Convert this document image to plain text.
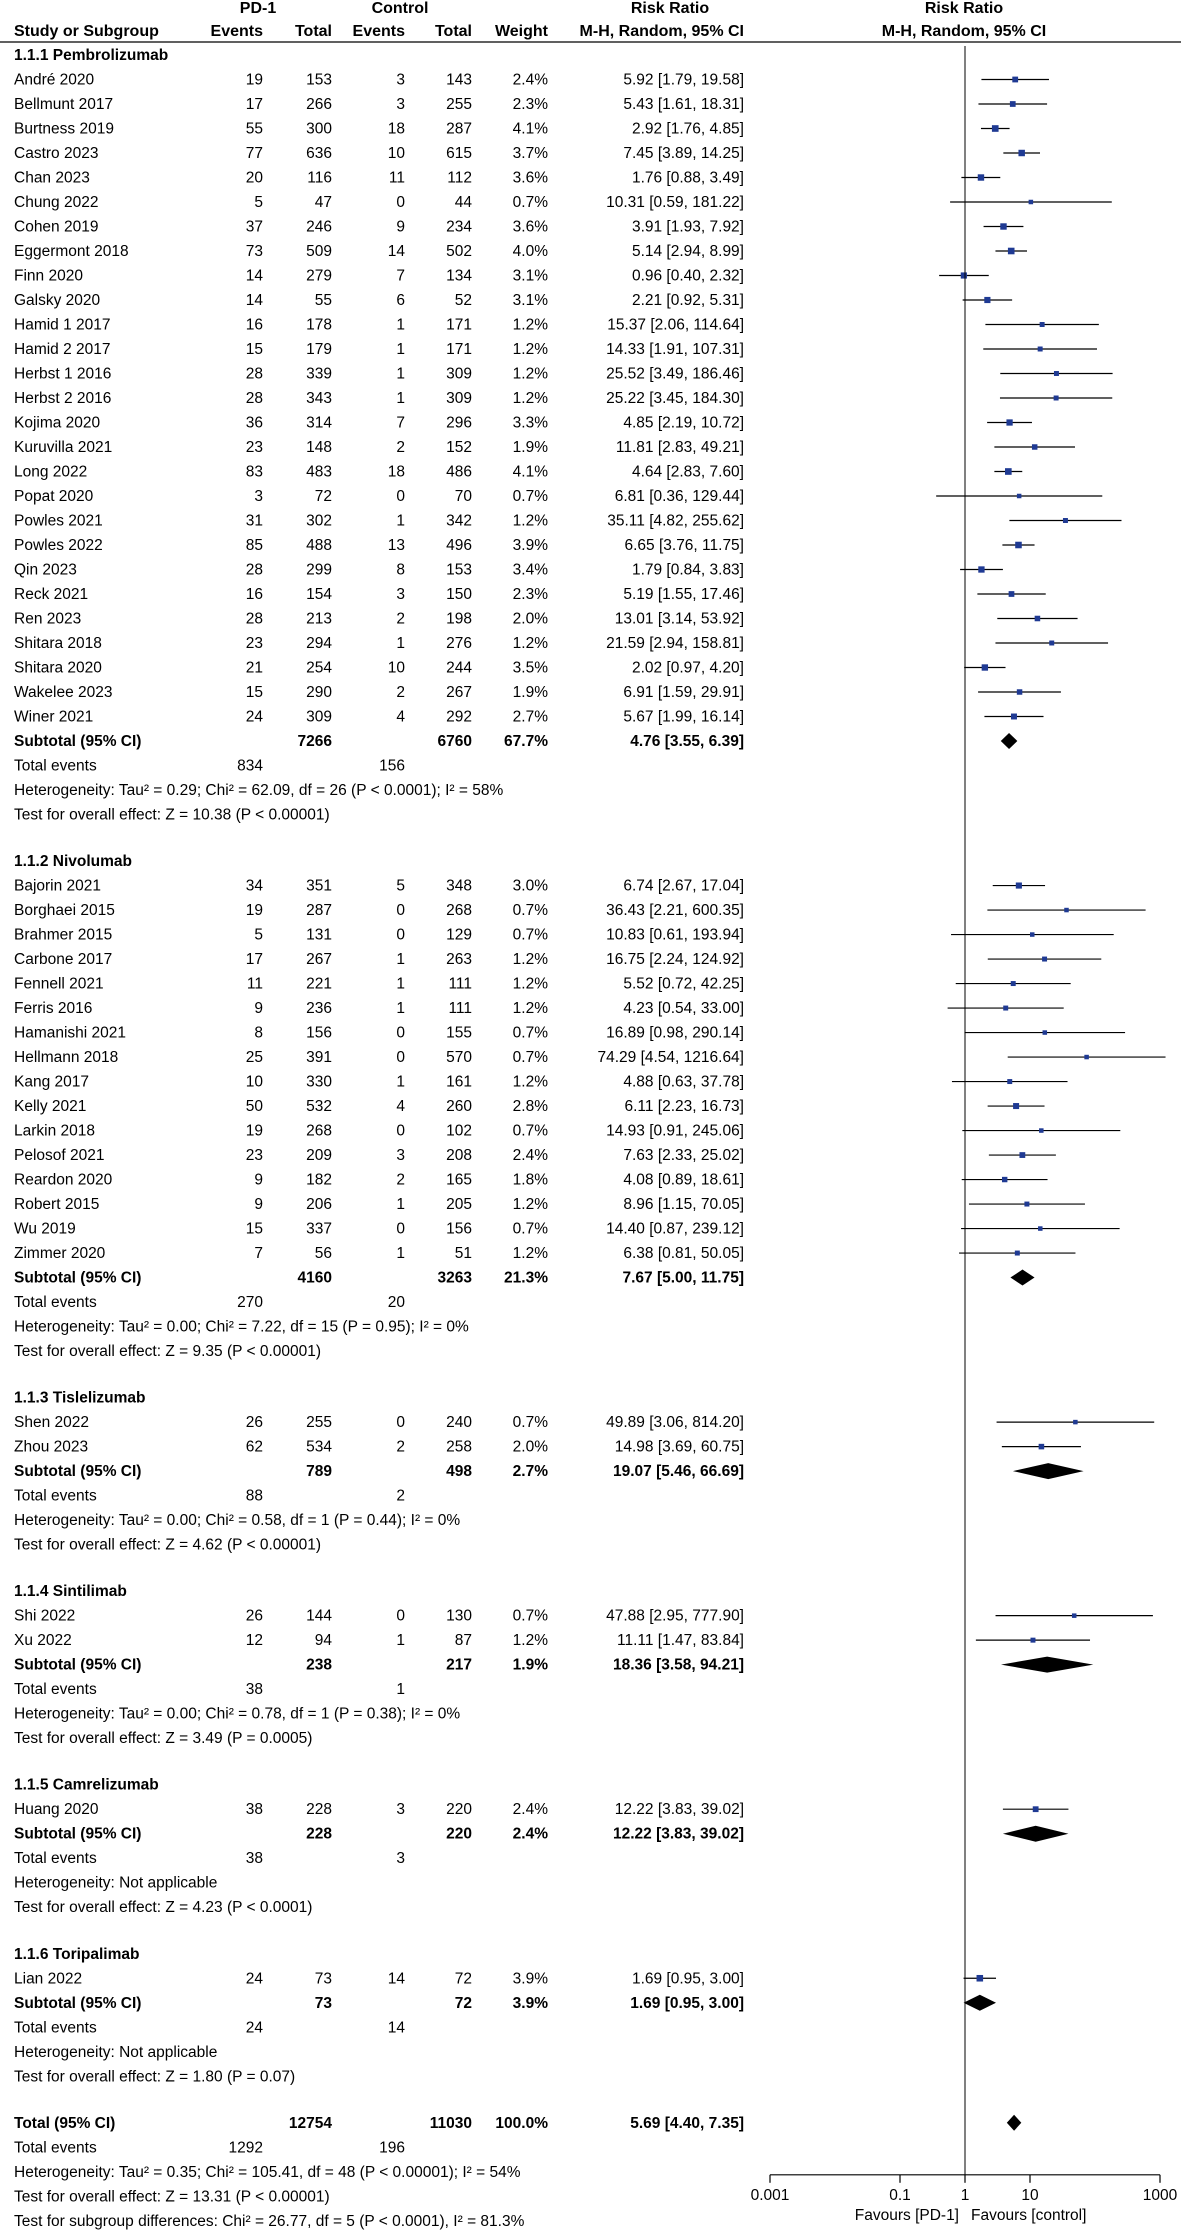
PD-1	Control	Risk Ratio	Risk Ratio
Study or Subgroup	Events Total Events Total Weight M-H, Random, 95% CI	M-H, Random, 95% CI
1.1.1 Pembrolizumab
André 2020	19	153	3	143	2.4%	5.92 [1.79, 19.58]
Bellmunt 2017	17	266	3	255	2.3%	5.43 [1.61, 18.31]
Burtness 2019	55	300	18	287	4.1%	2.92 [1.76, 4.85]
Castro 2023	77	636	10	615	3.7%	7.45 [3.89, 14.25]
Chan 2023	20	116	11	112	3.6%	1.76 [0.88, 3.49]
Chung 2022	5	47	0	44	0.7%	10.31 [0.59, 181.22]
Cohen 2019	37	246	9	234	3.6%	3.91 [1.93, 7.92]
Eggermont 2018	73	509	14	502	4.0%	5.14 [2.94, 8.99]
Finn 2020	14	279	7	134	3.1%	0.96 [0.40, 2.32]
Galsky 2020	14	55	6	52	3.1%	2.21 [0.92, 5.31]
Hamid 1 2017	16	178	1	171	1.2%	15.37 [2.06, 114.64]
Hamid 2 2017	15	179	1	171	1.2%	14.33 [1.91, 107.31]
Herbst 1 2016	28	339	1	309	1.2%	25.52 [3.49, 186.46]
Herbst 2 2016	28	343	1	309	1.2%	25.22 [3.45, 184.30]
Kojima 2020	36	314	7	296	3.3%	4.85 [2.19, 10.72]
Kuruvilla 2021	23	148	2	152	1.9%	11.81 [2.83, 49.21]
Long 2022	83	483	18	486	4.1%	4.64 [2.83, 7.60]
Popat 2020	3	72	0	70	0.7%	6.81 [0.36, 129.44]
Powles 2021	31	302	1	342	1.2%	35.11 [4.82, 255.62]
Powles 2022	85	488	13	496	3.9%	6.65 [3.76, 11.75]
Qin 2023	28	299	8	153	3.4%	1.79 [0.84, 3.83]
Reck 2021	16	154	3	150	2.3%	5.19 [1.55, 17.46]
Ren 2023	28	213	2	198	2.0%	13.01 [3.14, 53.92]
Shitara 2018	23	294	1	276	1.2%	21.59 [2.94, 158.81]
Shitara 2020	21	254	10	244	3.5%	2.02 [0.97, 4.20]
Wakelee 2023	15	290	2	267	1.9%	6.91 [1.59, 29.91]
Winer 2021	24	309	4	292	2.7%	5.67 [1.99, 16.14]
Subtotal (95% CI)	7266	6760 67.7%	4.76 [3.55, 6.39]
Total events	834	156
Heterogeneity: Tau² = 0.29; Chi² = 62.09, df = 26 (P < 0.0001); I² = 58%
Test for overall effect: Z = 10.38 (P < 0.00001)
1.1.2 Nivolumab
Bajorin 2021	34	351	5	348	3.0%	6.74 [2.67, 17.04]
Borghaei 2015	19	287	0	268	0.7%	36.43 [2.21, 600.35]
Brahmer 2015	5	131	0	129	0.7%	10.83 [0.61, 193.94]
Carbone 2017	17	267	1	263	1.2%	16.75 [2.24, 124.92]
Fennell 2021	11	221	1	111	1.2%	5.52 [0.72, 42.25]
Ferris 2016	9	236	1	111	1.2%	4.23 [0.54, 33.00]
Hamanishi 2021	8	156	0	155	0.7%	16.89 [0.98, 290.14]
Hellmann 2018	25	391	0	570	0.7%	74.29 [4.54, 1216.64]
Kang 2017	10	330	1	161	1.2%	4.88 [0.63, 37.78]
Kelly 2021	50	532	4	260	2.8%	6.11 [2.23, 16.73]
Larkin 2018	19	268	0	102	0.7%	14.93 [0.91, 245.06]
Pelosof 2021	23	209	3	208	2.4%	7.63 [2.33, 25.02]
Reardon 2020	9	182	2	165	1.8%	4.08 [0.89, 18.61]
Robert 2015	9	206	1	205	1.2%	8.96 [1.15, 70.05]
Wu 2019	15	337	0	156	0.7%	14.40 [0.87, 239.12]
Zimmer 2020	7	56	1	51	1.2%	6.38 [0.81, 50.05]
Subtotal (95% CI)	4160	3263 21.3%	7.67 [5.00, 11.75]
Total events	270	20
Heterogeneity: Tau² = 0.00; Chi² = 7.22, df = 15 (P = 0.95); I² = 0%
Test for overall effect: Z = 9.35 (P < 0.00001)
1.1.3 Tislelizumab
Shen 2022	26	255	0	240	0.7%	49.89 [3.06, 814.20]
Zhou 2023	62	534	2	258	2.0%	14.98 [3.69, 60.75]
Subtotal (95% CI)	789	498	2.7%	19.07 [5.46, 66.69]
Total events	88	2
Heterogeneity: Tau² = 0.00; Chi² = 0.58, df = 1 (P = 0.44); I² = 0%
Test for overall effect: Z = 4.62 (P < 0.00001)
1.1.4 Sintilimab
Shi 2022	26	144	0	130	0.7%	47.88 [2.95, 777.90]
Xu 2022	12	94	1	87	1.2%	11.11 [1.47, 83.84]
Subtotal (95% CI)	238	217	1.9%	18.36 [3.58, 94.21]
Total events	38	1
Heterogeneity: Tau² = 0.00; Chi² = 0.78, df = 1 (P = 0.38); I² = 0%
Test for overall effect: Z = 3.49 (P = 0.0005)
1.1.5 Camrelizumab
Huang 2020	38	228	3	220	2.4%	12.22 [3.83, 39.02]
Subtotal (95% CI)	228	220	2.4%	12.22 [3.83, 39.02]
Total events	38	3
Heterogeneity: Not applicable
Test for overall effect: Z = 4.23 (P < 0.0001)
1.1.6 Toripalimab
Lian 2022	24	73	14	72	3.9%	1.69 [0.95, 3.00]
Subtotal (95% CI)	73	72	3.9%	1.69 [0.95, 3.00]
Total events	24	14
Heterogeneity: Not applicable
Test for overall effect: Z = 1.80 (P = 0.07)
Total (95% CI)	12754	11030 100.0%	5.69 [4.40, 7.35]
Total events	1292	196
Heterogeneity: Tau² = 0.35; Chi² = 105.41, df = 48 (P < 0.00001); I² = 54%
Test for overall effect: Z = 13.31 (P < 0.00001)
Test for subgroup differences: Chi² = 26.77, df = 5 (P < 0.0001), I² = 81.3%
0.001	0.1	1	10	1000
Favours [PD-1] Favours [control]
